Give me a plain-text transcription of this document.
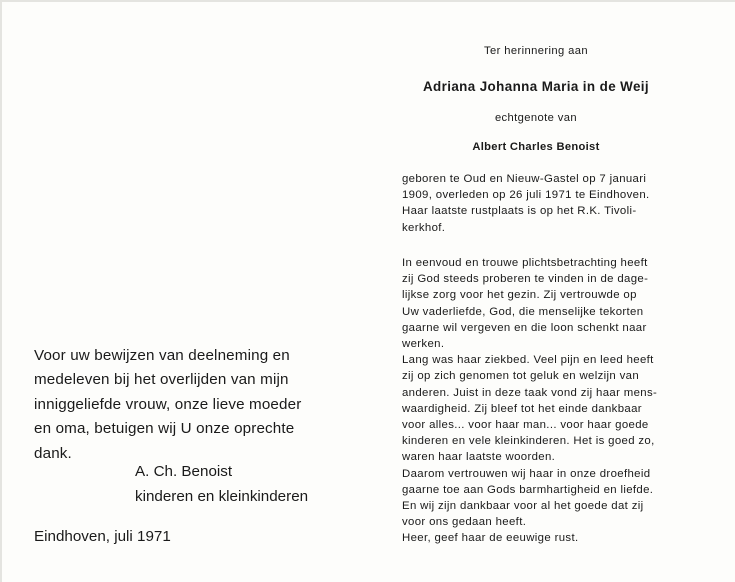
Voor uw bewijzen van deelneming en
medeleven bij het overlijden van mijn
inniggeliefde vrouw, onze lieve moeder
en oma, betuigen wij U onze oprechte
dank.

A. Ch. Benoist
kinderen en kleinkinderen
Eindhoven, juli 1971
Ter herinnering aan
Adriana Johanna Maria in de Weij
echtgenote van
Albert Charles Benoist

geboren te Oud en Nieuw-Gastel op 7 januari
1909, overleden op 26 juli 1971 te Eindhoven.
Haar laatste rustplaats is op het R.K. Tivoli-
kerkhof.

In eenvoud en trouwe plichtsbetrachting heeft
zij God steeds proberen te vinden in de dage-
lijkse zorg voor het gezin. Zij vertrouwde op
Uw vaderliefde, God, die menselijke tekorten
gaarne wil vergeven en die loon schenkt naar
werken.
Lang was haar ziekbed. Veel pijn en leed heeft
zij op zich genomen tot geluk en welzijn van
anderen. Juist in deze taak vond zij haar mens-
waardigheid. Zij bleef tot het einde dankbaar
voor alles... voor haar man... voor haar goede
kinderen en vele kleinkinderen. Het is goed zo,
waren haar laatste woorden.
Daarom vertrouwen wij haar in onze droefheid
gaarne toe aan Gods barmhartigheid en liefde.
En wij zijn dankbaar voor al het goede dat zij
voor ons gedaan heeft.
Heer, geef haar de eeuwige rust.
